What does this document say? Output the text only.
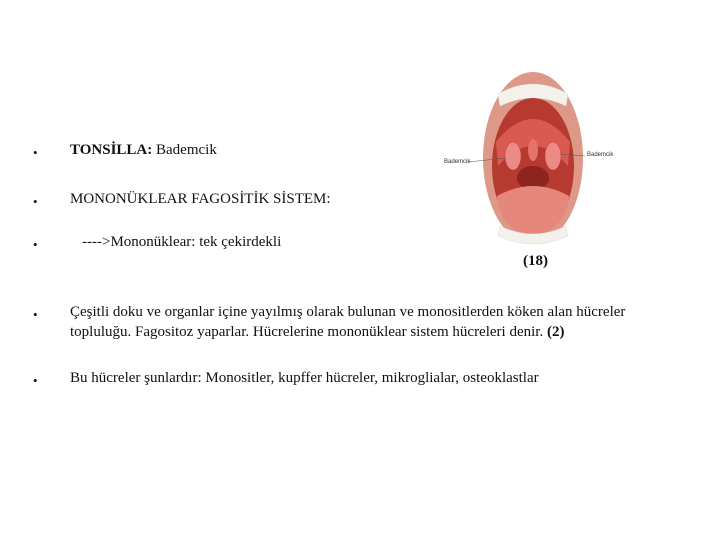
• TONSİLLA: Bademcik
• MONONÜKLEAR FAGOSİTİK SİSTEM:
•	---->Mononüklear: tek çekirdekli
• Çeşitli doku ve organlar içine yayılmış olarak bulunan ve monositlerden köken alan hücreler topluluğu. Fagositoz yaparlar. Hücrelerine mononüklear sistem hücreleri denir. (2)
• Bu hücreler şunlardır: Monositler, kupffer hücreler, mikroglialar, osteoklastlar
Bademcik
Bademcik
(18)
